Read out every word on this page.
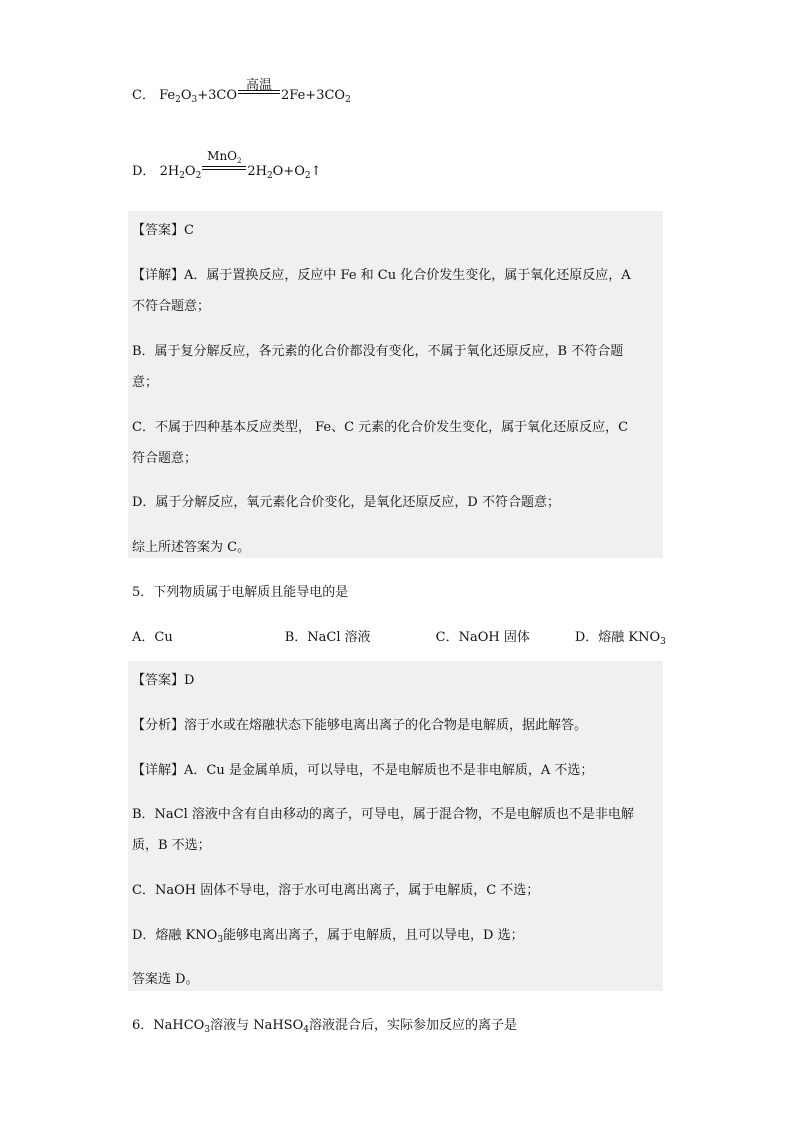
C． $Fe_2O_3+3CO$
高温
$2Fe+3CO_2$
D． $2H_2O_2$
MnO$_2$
$2H_2O+O_2↑$
【答案】C
【详解】A．属于置换反应，反应中 Fe 和 Cu 化合价发生变化，属于氧化还原反应，A
不符合题意；
B．属于复分解反应，各元素的化合价都没有变化，不属于氧化还原反应，B 不符合题
意；
C．不属于四种基本反应类型， Fe、C 元素的化合价发生变化，属于氧化还原反应，C
符合题意；
D．属于分解反应，氧元素化合价变化，是氧化还原反应，D 不符合题意；
综上所述答案为 C。
5．下列物质属于电解质且能导电的是
A．Cu	B．NaCl 溶液	C．NaOH 固体	D．熔融 $KNO_3$
【答案】D
【分析】溶于水或在熔融状态下能够电离出离子的化合物是电解质，据此解答。
【详解】A．Cu 是金属单质，可以导电，不是电解质也不是非电解质，A 不选；
B．NaCl 溶液中含有自由移动的离子，可导电，属于混合物，不是电解质也不是非电解
质，B 不选；
C．NaOH 固体不导电，溶于水可电离出离子，属于电解质，C 不选；
D．熔融 $KNO_3$能够电离出离子，属于电解质，且可以导电，D 选；
答案选 D。
6．NaHCO$_3$溶液与 NaHSO$_4$溶液混合后，实际参加反应的离子是
